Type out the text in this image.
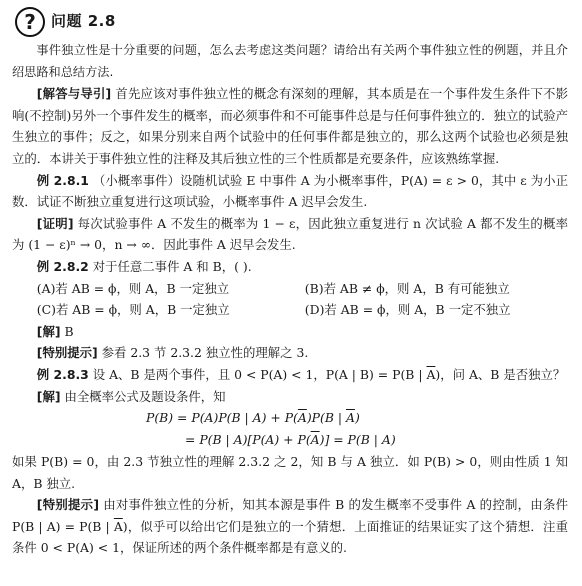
?	问题 2.8

事件独立性是十分重要的问题，怎么去考虑这类问题？请给出有关两个事件独立性的例题，并且介绍思路和总结方法.

[解答与导引] 首先应该对事件独立性的概念有深刻的理解，其本质是在一个事件发生条件下不影响(不控制)另外一个事件发生的概率，而必须事件和不可能事件总是与任何事件独立的．独立的试验产生独立的事件；反之，如果分别来自两个试验中的任何事件都是独立的，那么这两个试验也必须是独立的．本讲关于事件独立性的注释及其后独立性的三个性质都是充要条件，应该熟练掌握.

例 2.8.1 （小概率事件）设随机试验 E 中事件 A 为小概率事件，P(A) = ε > 0，其中 ε 为小正数．试证不断独立重复进行这项试验，小概率事件 A 迟早会发生.

[证明] 每次试验事件 A 不发生的概率为 1 − ε，因此独立重复进行 n 次试验 A 都不发生的概率为 (1 − ε)ⁿ → 0，n → ∞．因此事件 A 迟早会发生.

例 2.8.2 对于任意二事件 A 和 B，( ).

(A)若 AB = ϕ，则 A，B 一定独立	(B)若 AB ≠ ϕ，则 A，B 有可能独立
(C)若 AB = ϕ，则 A，B 一定独立	(D)若 AB = ϕ，则 A，B 一定不独立

[解] B

[特别提示] 参看 2.3 节 2.3.2 独立性的理解之 3.

例 2.8.3 设 A、B 是两个事件，且 0 < P(A) < 1，P(A | B) = P(B | $\overline{A}$)，问 A、B 是否独立？

[解] 由全概率公式及题设条件，知

P(B) = P(A)P(B | $A) + P(\overline{A})P(B$ | $\overline{A}$)
= P(B | $A)[P(A) + P(\overline{A})] = P(B$ | A)

如果 P(B) = 0，由 2.3 节独立性的理解 2.3.2 之 2，知 B 与 A 独立．如 P(B) > 0，则由性质 1 知 A，B 独立.

[特别提示] 由对事件独立性的分析，知其本源是事件 B 的发生概率不受事件 A 的控制，由条件 P(B | A) = P(B | $\overline{A}$)，似乎可以给出它们是独立的一个猜想．上面推证的结果证实了这个猜想．注重条件 0 < P(A) < 1，保证所述的两个条件概率都是有意义的.
